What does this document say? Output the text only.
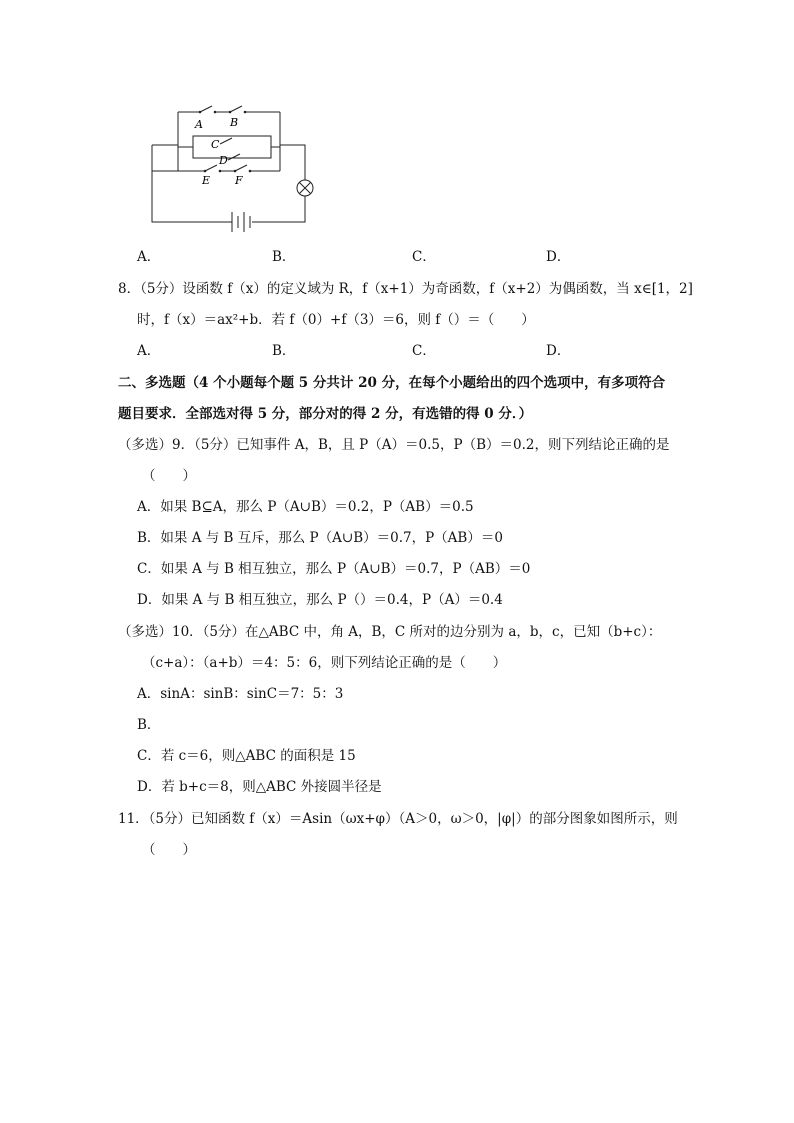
A B
C
D
E F
A．	B．	C．	D．
8．（5分）设函数 f（x）的定义域为 R，f（x+1）为奇函数，f（x+2）为偶函数，当 x∈[1，2]
时，f（x）＝ax²+b．若 f（0）+f（3）＝6，则 f（）＝（　　）
A．	B．	C．	D．
二、多选题（4 个小题每个题 5 分共计 20 分，在每个小题给出的四个选项中，有多项符合
题目要求．全部选对得 5 分，部分对的得 2 分，有选错的得 0 分．）
（多选）9．（5分）已知事件 A，B，且 P（A）＝0.5，P（B）＝0.2，则下列结论正确的是
（　　）
A．如果 B⊆A，那么 P（A∪B）＝0.2，P（AB）＝0.5
B．如果 A 与 B 互斥，那么 P（A∪B）＝0.7，P（AB）＝0
C．如果 A 与 B 相互独立，那么 P（A∪B）＝0.7，P（AB）＝0
D．如果 A 与 B 相互独立，那么 P（）＝0.4，P（A）＝0.4
（多选）10．（5分）在△ABC 中，角 A，B，C 所对的边分别为 a，b，c，已知（b+c）：
（c+a）：（a+b）＝4：5：6，则下列结论正确的是（　　）
A．sinA：sinB：sinC＝7：5：3
B．
C．若 c＝6，则△ABC 的面积是 15
D．若 b+c＝8，则△ABC 外接圆半径是
11．（5分）已知函数 f（x）＝Asin（ωx+φ）（A＞0，ω＞0，|φ|）的部分图象如图所示，则
（　　）
